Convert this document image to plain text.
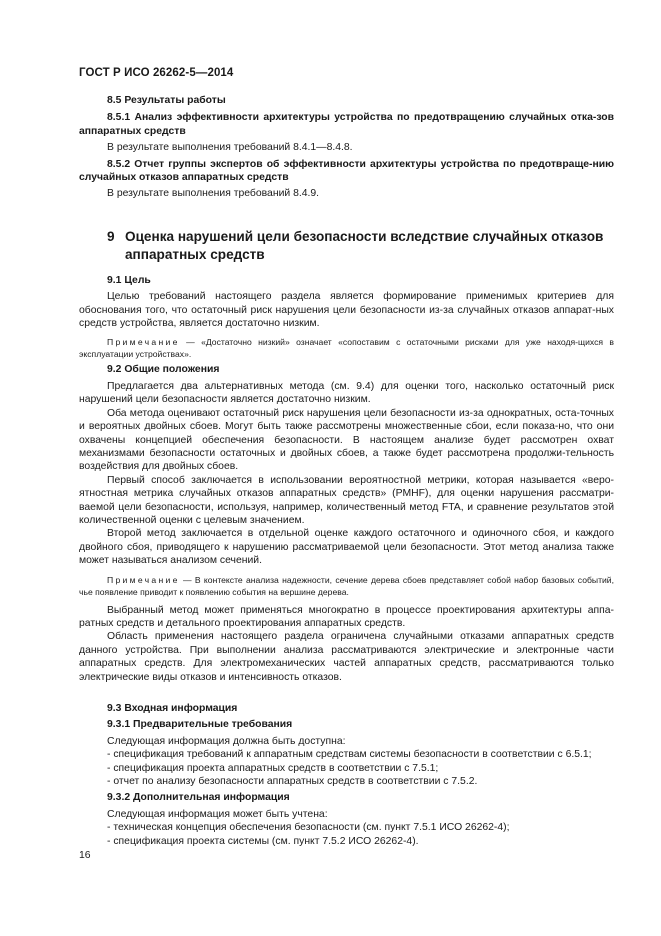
ГОСТ Р ИСО 26262-5—2014

8.5 Результаты работы

8.5.1 Анализ эффективности архитектуры устройства по предотвращению случайных отка-зов аппаратных средств

В результате выполнения требований 8.4.1—8.4.8.

8.5.2 Отчет группы экспертов об эффективности архитектуры устройства по предотвраще-нию случайных отказов аппаратных средств

В результате выполнения требований 8.4.9.

9 Оценка нарушений цели безопасности вследствие случайных отказов
аппаратных средств

9.1 Цель

Целью требований настоящего раздела является формирование применимых критериев для обоснования того, что остаточный риск нарушения цели безопасности из-за случайных отказов аппарат-ных средств устройства, является достаточно низким.

Примечание — «Достаточно низкий» означает «сопоставим с остаточными рисками для уже находя-щихся в эксплуатации устройствах».

9.2 Общие положения

Предлагается два альтернативных метода (см. 9.4) для оценки того, насколько остаточный риск нарушений цели безопасности является достаточно низким.

Оба метода оценивают остаточный риск нарушения цели безопасности из-за однократных, оста-точных и вероятных двойных сбоев. Могут быть также рассмотрены множественные сбои, если показа-но, что они охвачены концепцией обеспечения безопасности. В настоящем анализе будет рассмотрен охват механизмами безопасности остаточных и двойных сбоев, а также будет рассмотрена продолжи-тельность воздействия для двойных сбоев.

Первый способ заключается в использовании вероятностной метрики, которая называется «веро-ятностная метрика случайных отказов аппаратных средств» (PMHF), для оценки нарушения рассматри-ваемой цели безопасности, используя, например, количественный метод FTA, и сравнение результатов этой количественной оценки с целевым значением.

Второй метод заключается в отдельной оценке каждого остаточного и одиночного сбоя, и каждого двойного сбоя, приводящего к нарушению рассматриваемой цели безопасности. Этот метод анализа также может называться анализом сечений.

Примечание — В контексте анализа надежности, сечение дерева сбоев представляет собой набор базовых событий, чье появление приводит к появлению события на вершине дерева.

Выбранный метод может применяться многократно в процессе проектирования архитектуры аппа-ратных средств и детального проектирования аппаратных средств.

Область применения настоящего раздела ограничена случайными отказами аппаратных средств данного устройства. При выполнении анализа рассматриваются электрические и электронные части аппаратных средств. Для электромеханических частей аппаратных средств, рассматриваются только электрические виды отказов и интенсивность отказов.

9.3 Входная информация

9.3.1 Предварительные требования

Следующая информация должна быть доступна:

- спецификация требований к аппаратным средствам системы безопасности в соответствии с 6.5.1;

- спецификация проекта аппаратных средств в соответствии с 7.5.1;

- отчет по анализу безопасности аппаратных средств в соответствии с 7.5.2.

9.3.2 Дополнительная информация

Следующая информация может быть учтена:

- техническая концепция обеспечения безопасности (см. пункт 7.5.1 ИСО 26262-4);

- спецификация проекта системы (см. пункт 7.5.2 ИСО 26262-4).

16
